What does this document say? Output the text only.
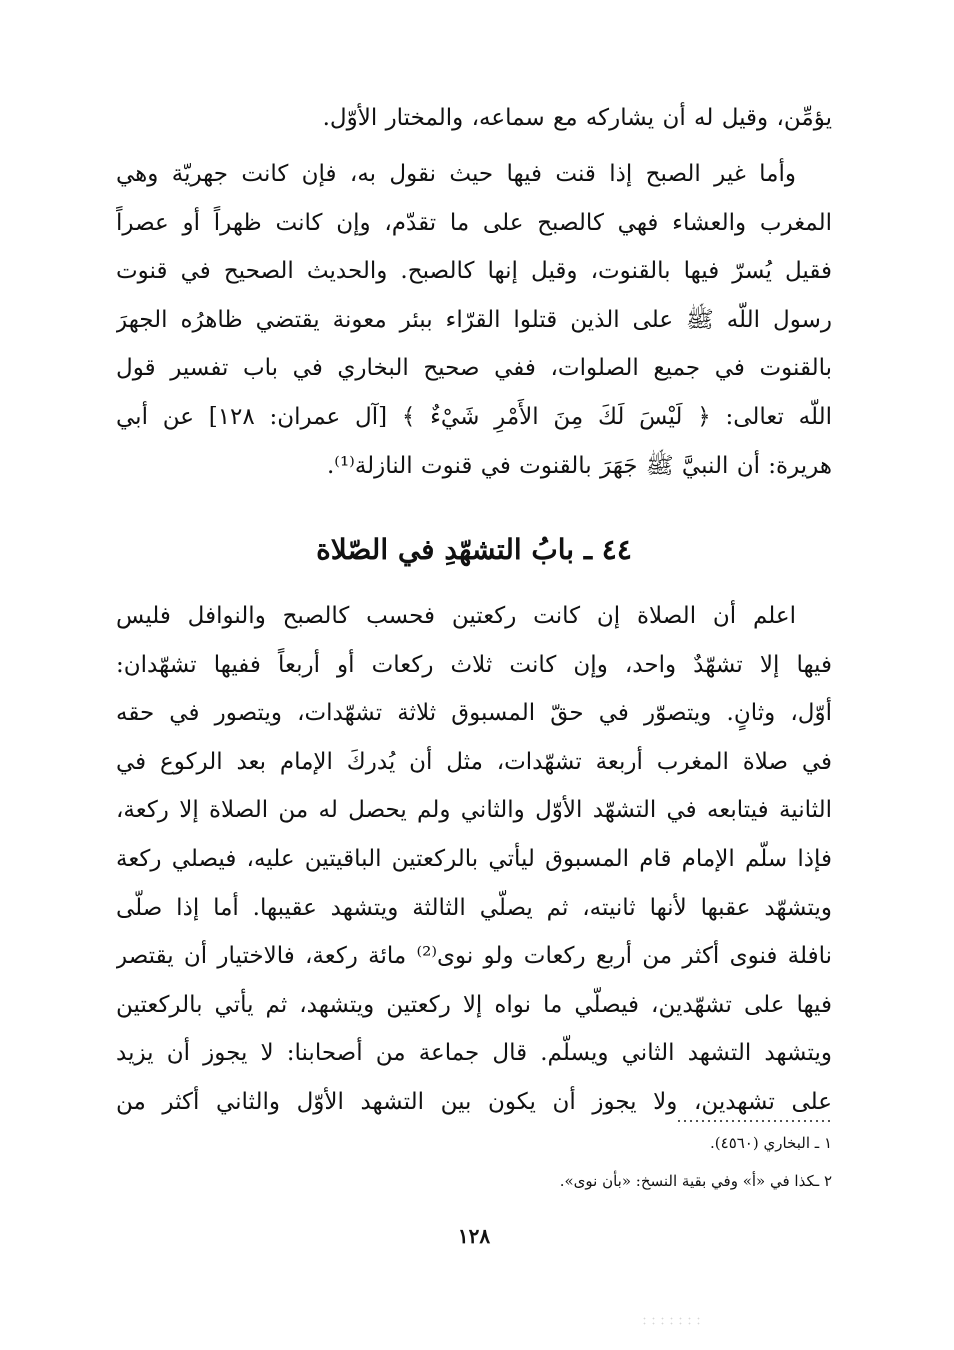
يؤمِّن، وقيل له أن يشاركه مع سماعه، والمختار الأوّل.
وأما غير الصبح إذا قنت فيها حيث نقول به، فإن كانت جهريّة وهي
المغرب والعشاء فهي كالصبح على ما تقدّم، وإن كانت ظهراً أو عصراً
فقيل يُسرّ فيها بالقنوت، وقيل إنها كالصبح. والحديث الصحيح في قنوت
رسول اللّه ﷺ على الذين قتلوا القرّاء ببئر معونة يقتضي ظاهرُه الجهرَ
بالقنوت في جميع الصلوات، ففي صحيح البخاري في باب تفسير قول
اللّه تعالى: ﴿ لَيْسَ لَكَ مِنَ الأَمْرِ شَيْءٌ ﴾ [آل عمران: ١٢٨] عن أبي
هريرة: أن النبيَّ ﷺ جَهَرَ بالقنوت في قنوت النازلة⁽¹⁾.
٤٤ ـ بابُ التشهّدِ في الصّلاة
اعلم أن الصلاة إن كانت ركعتين فحسب كالصبح والنوافل فليس
فيها إلا تشهّدٌ واحد، وإن كانت ثلاث ركعات أو أربعاً ففيها تشهّدان:
أوّل، وثانٍ. ويتصوّر في حقّ المسبوق ثلاثة تشهّدات، ويتصور في حقه
في صلاة المغرب أربعة تشهّدات، مثل أن يُدركَ الإمام بعد الركوع في
الثانية فيتابعه في التشهّد الأوّل والثاني ولم يحصل له من الصلاة إلا ركعة،
فإذا سلّم الإمام قام المسبوق ليأتي بالركعتين الباقيتين عليه، فيصلي ركعة
ويتشهّد عقبها لأنها ثانيته، ثم يصلّي الثالثة ويتشهد عقيبها. أما إذا صلّى
نافلة فنوى أكثر من أربع ركعات ولو نوى⁽²⁾ مائة ركعة، فالاختيار أن يقتصر
فيها على تشهّدين، فيصلّي ما نواه إلا ركعتين ويتشهد، ثم يأتي بالركعتين
ويتشهد التشهد الثاني ويسلّم. قال جماعة من أصحابنا: لا يجوز أن يزيد
على تشهدين، ولا يجوز أن يكون بين التشهد الأوّل والثاني أكثر من
١ ـ البخاري (٤٥٦٠).
٢ ـكذا في «أ» وفي بقية النسخ: «بأن نوى».
١٢٨
